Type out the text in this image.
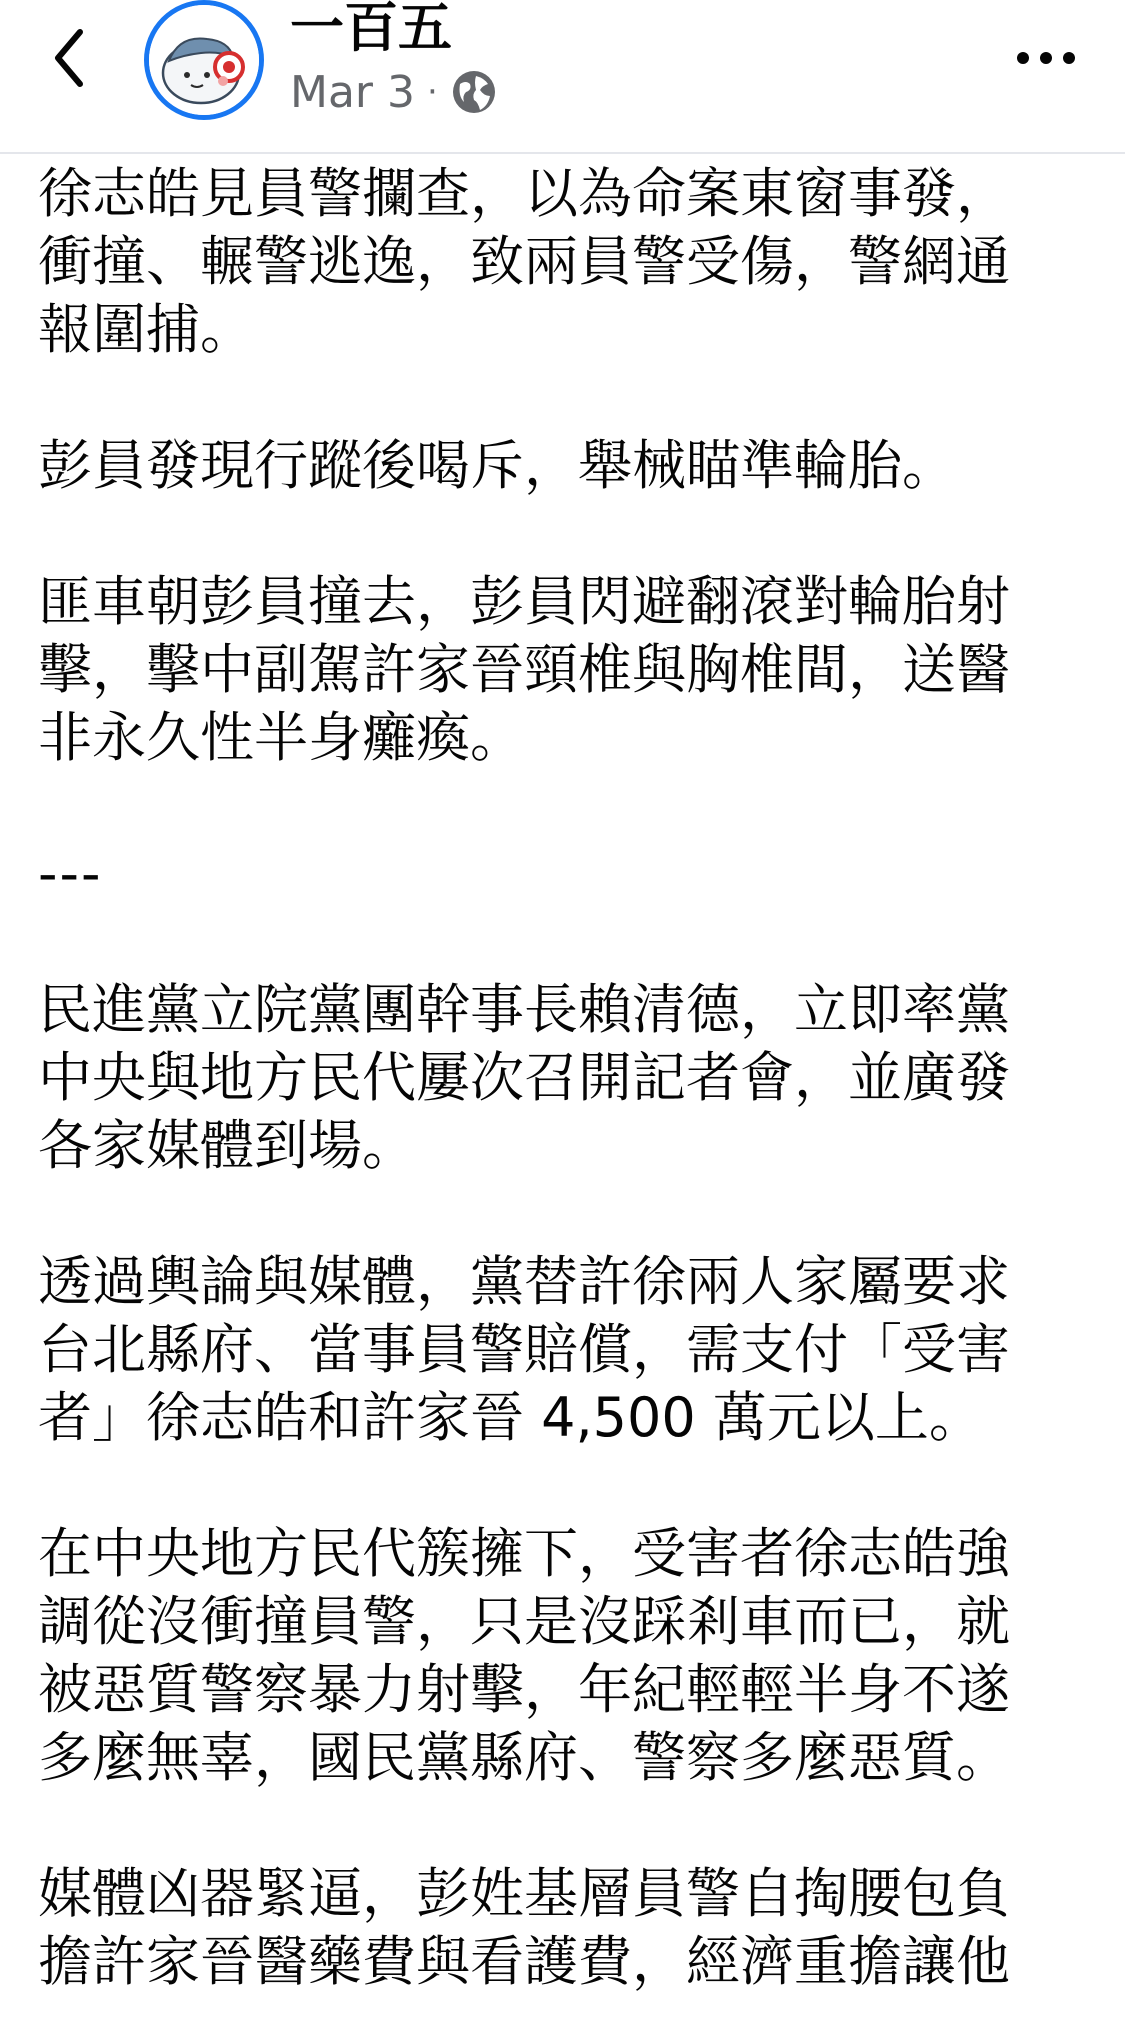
一百五
Mar 3 ·

徐志皓見員警攔查，以為命案東窗事發，
衝撞、輾警逃逸，致兩員警受傷，警網通
報圍捕。

彭員發現行蹤後喝斥，舉械瞄準輪胎。

匪車朝彭員撞去，彭員閃避翻滾對輪胎射
擊，擊中副駕許家晉頸椎與胸椎間，送醫
非永久性半身癱瘓。

---

民進黨立院黨團幹事長賴清德，立即率黨
中央與地方民代屢次召開記者會，並廣發
各家媒體到場。

透過輿論與媒體，黨替許徐兩人家屬要求
台北縣府、當事員警賠償，需支付「受害
者」徐志皓和許家晉 4,500 萬元以上。

在中央地方民代簇擁下，受害者徐志皓強
調從沒衝撞員警，只是沒踩剎車而已，就
被惡質警察暴力射擊，年紀輕輕半身不遂
多麼無辜，國民黨縣府、警察多麼惡質。

媒體凶器緊逼，彭姓基層員警自掏腰包負
擔許家晉醫藥費與看護費，經濟重擔讓他
